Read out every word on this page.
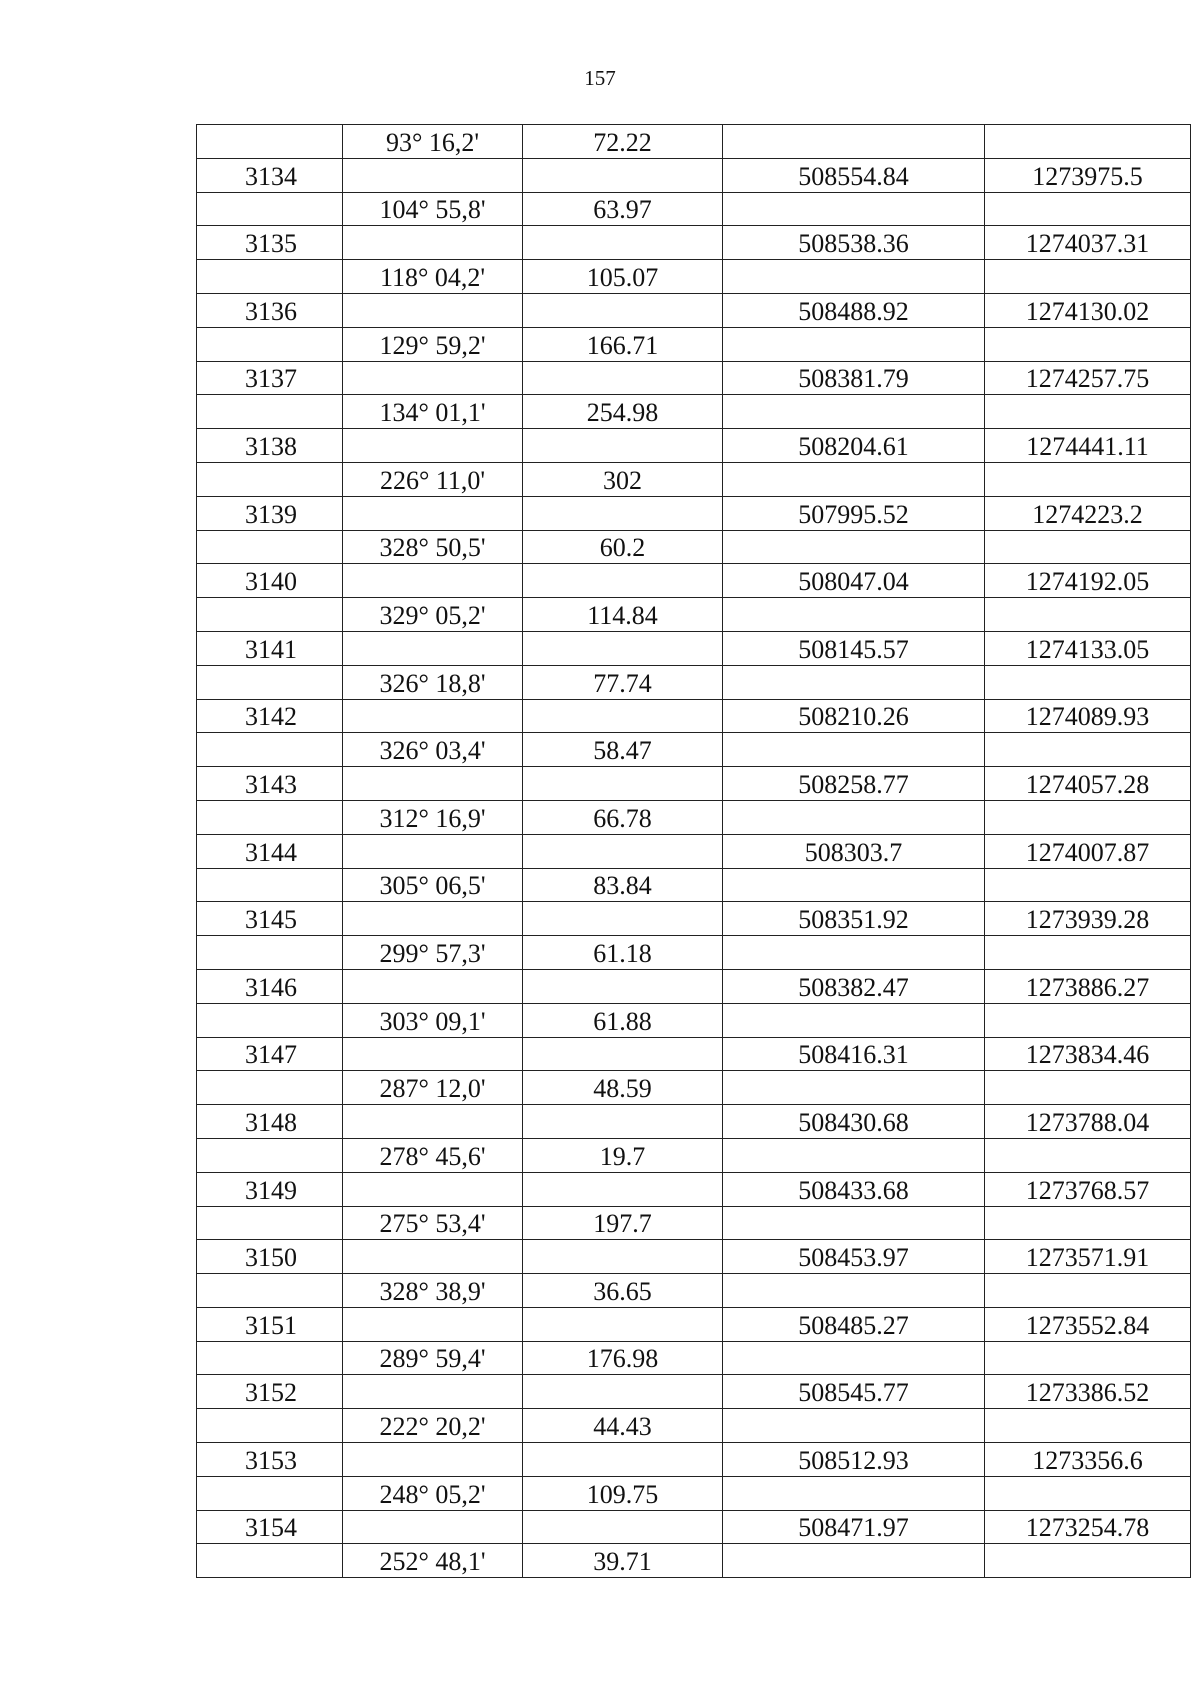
157
	93° 16,2'	72.22		
3134			508554.84	1273975.5
	104° 55,8'	63.97		
3135			508538.36	1274037.31
	118° 04,2'	105.07		
3136			508488.92	1274130.02
	129° 59,2'	166.71		
3137			508381.79	1274257.75
	134° 01,1'	254.98		
3138			508204.61	1274441.11
	226° 11,0'	302		
3139			507995.52	1274223.2
	328° 50,5'	60.2		
3140			508047.04	1274192.05
	329° 05,2'	114.84		
3141			508145.57	1274133.05
	326° 18,8'	77.74		
3142			508210.26	1274089.93
	326° 03,4'	58.47		
3143			508258.77	1274057.28
	312° 16,9'	66.78		
3144			508303.7	1274007.87
	305° 06,5'	83.84		
3145			508351.92	1273939.28
	299° 57,3'	61.18		
3146			508382.47	1273886.27
	303° 09,1'	61.88		
3147			508416.31	1273834.46
	287° 12,0'	48.59		
3148			508430.68	1273788.04
	278° 45,6'	19.7		
3149			508433.68	1273768.57
	275° 53,4'	197.7		
3150			508453.97	1273571.91
	328° 38,9'	36.65		
3151			508485.27	1273552.84
	289° 59,4'	176.98		
3152			508545.77	1273386.52
	222° 20,2'	44.43		
3153			508512.93	1273356.6
	248° 05,2'	109.75		
3154			508471.97	1273254.78
	252° 48,1'	39.71		
